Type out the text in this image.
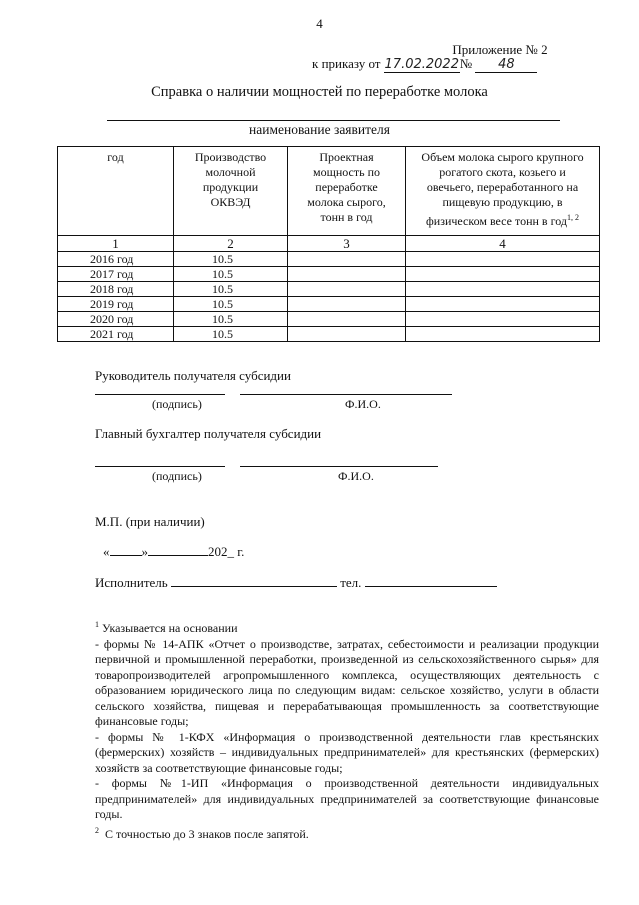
4
Приложение № 2
к приказу от 17.02.2022№ 48
Справка о наличии мощностей по переработке молока
наименование заявителя
год	Производство молочной продукции ОКВЭД	Проектная мощность по переработке молока сырого, тонн в год	Объем молока сырого крупного рогатого скота, козьего и овечьего, переработанного на пищевую продукцию, в физическом весе тонн в год$^{1, 2}$
1	2	3	4
2016 год	10.5		
2017 год	10.5		
2018 год	10.5		
2019 год	10.5		
2020 год	10.5		
2021 год	10.5		
Руководитель получателя субсидии
(подпись)	Ф.И.О.
Главный бухгалтер получателя субсидии
(подпись)	Ф.И.О.
М.П. (при наличии)
« »	202_ г.
Исполнитель	тел.

$^1$ Указывается на основании

- формы № 14-АПК «Отчет о производстве, затратах, себестоимости и реализации продукции первичной и промышленной переработки, произведенной из сельскохозяйственного сырья» для товаропроизводителей агропромышленного комплекса, осуществляющих деятельность с образованием юридического лица по следующим видам: сельское хозяйство, услуги в области сельского хозяйства, пищевая и перерабатывающая промышленность за соответствующие финансовые годы;

- формы № 1-КФХ «Информация о производственной деятельности глав крестьянских (фермерских) хозяйств – индивидуальных предпринимателей» для крестьянских (фермерских) хозяйств за соответствующие финансовые годы;

- формы №1-ИП «Информация о производственной деятельности индивидуальных предпринимателей» для индивидуальных предпринимателей за соответствующие финансовые годы.

$^2$ С точностью до 3 знаков после запятой.
